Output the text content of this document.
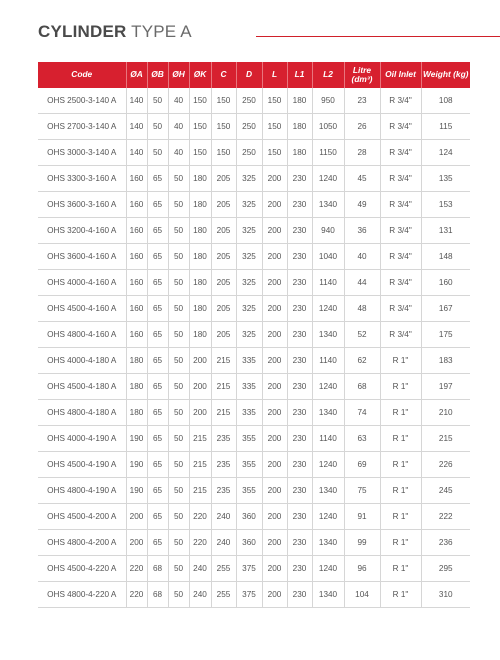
CYLINDER TYPE A
Code	ØA	ØB	ØH	ØK	C	D	L	L1	L2	Litre (dm³)	Oil Inlet	Weight (kg)
OHS 2500-3-140 A	140	50	40	150	150	250	150	180	950	23	R 3/4"	108
OHS 2700-3-140 A	140	50	40	150	150	250	150	180	1050	26	R 3/4"	115
OHS 3000-3-140 A	140	50	40	150	150	250	150	180	1150	28	R 3/4"	124
OHS 3300-3-160 A	160	65	50	180	205	325	200	230	1240	45	R 3/4"	135
OHS 3600-3-160 A	160	65	50	180	205	325	200	230	1340	49	R 3/4"	153
OHS 3200-4-160 A	160	65	50	180	205	325	200	230	940	36	R 3/4"	131
OHS 3600-4-160 A	160	65	50	180	205	325	200	230	1040	40	R 3/4"	148
OHS 4000-4-160 A	160	65	50	180	205	325	200	230	1140	44	R 3/4"	160
OHS 4500-4-160 A	160	65	50	180	205	325	200	230	1240	48	R 3/4"	167
OHS 4800-4-160 A	160	65	50	180	205	325	200	230	1340	52	R 3/4"	175
OHS 4000-4-180 A	180	65	50	200	215	335	200	230	1140	62	R 1"	183
OHS 4500-4-180 A	180	65	50	200	215	335	200	230	1240	68	R 1"	197
OHS 4800-4-180 A	180	65	50	200	215	335	200	230	1340	74	R 1"	210
OHS 4000-4-190 A	190	65	50	215	235	355	200	230	1140	63	R 1"	215
OHS 4500-4-190 A	190	65	50	215	235	355	200	230	1240	69	R 1"	226
OHS 4800-4-190 A	190	65	50	215	235	355	200	230	1340	75	R 1"	245
OHS 4500-4-200 A	200	65	50	220	240	360	200	230	1240	91	R 1"	222
OHS 4800-4-200 A	200	65	50	220	240	360	200	230	1340	99	R 1"	236
OHS 4500-4-220 A	220	68	50	240	255	375	200	230	1240	96	R 1"	295
OHS 4800-4-220 A	220	68	50	240	255	375	200	230	1340	104	R 1"	310
